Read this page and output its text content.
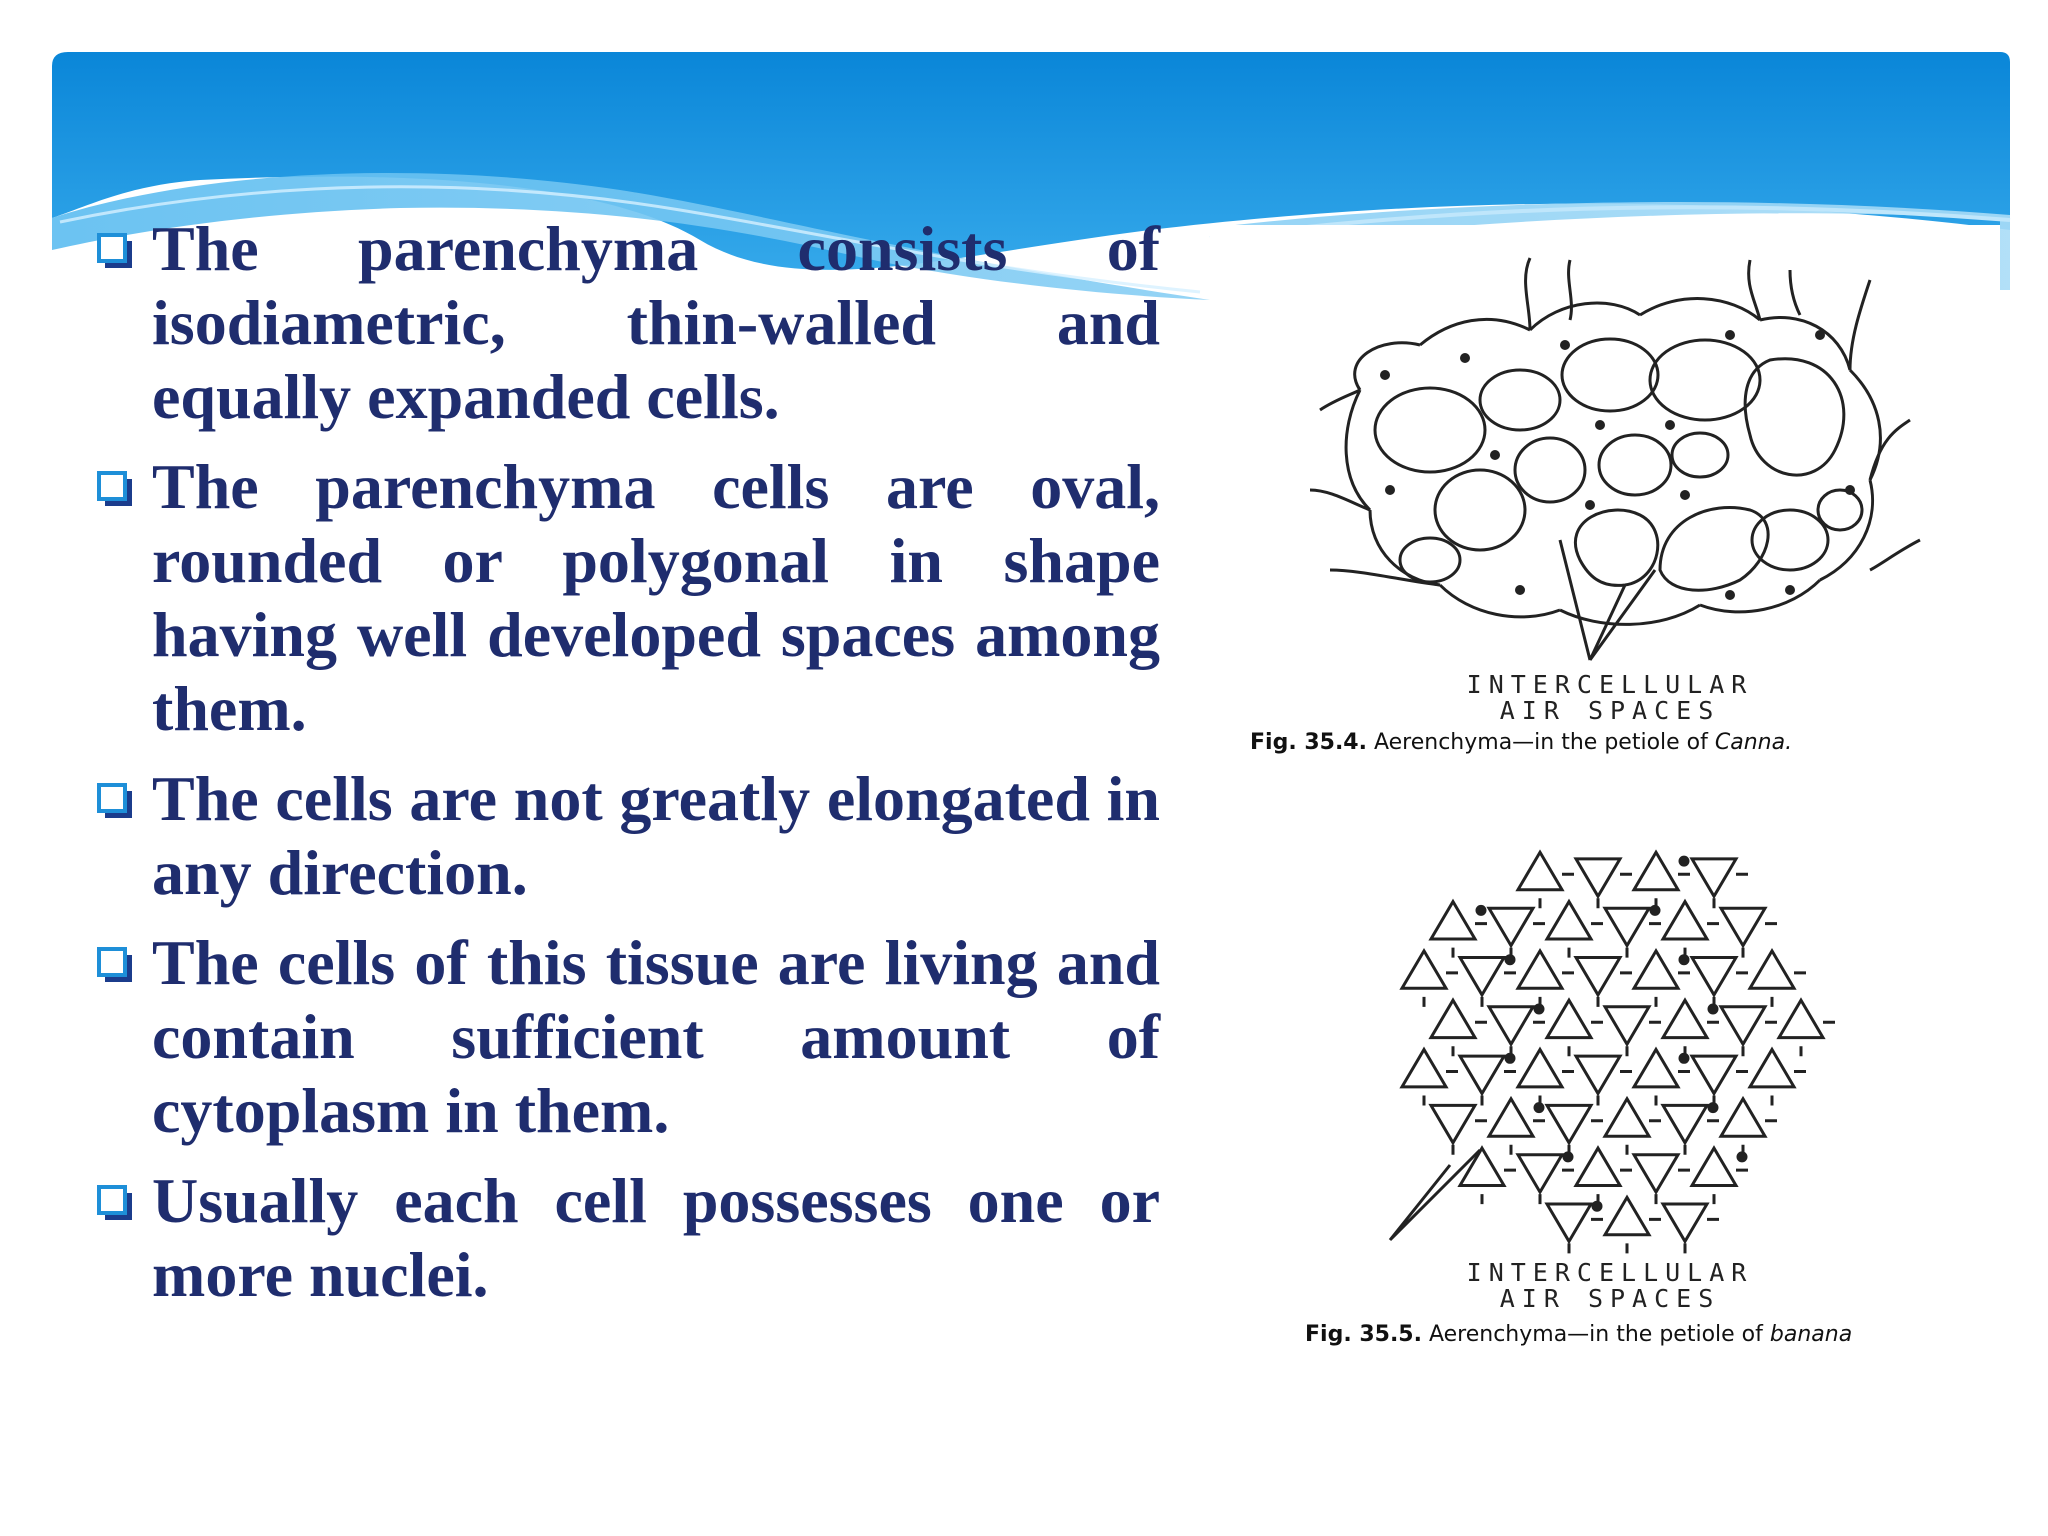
The parenchyma consists of isodiametric, thin-walled and equally expanded cells.
The parenchyma cells are oval, rounded or polygonal in shape having well developed spaces among them.
The cells are not greatly elongated in any direction.
The cells of this tissue are living and contain sufficient amount of cytoplasm in them.
Usually each cell possesses one or more nuclei.
INTERCELLULAR
AIR SPACES
Fig. 35.4. Aerenchyma—in the petiole of Canna.
INTERCELLULAR
AIR SPACES
Fig. 35.5. Aerenchyma—in the petiole of banana
